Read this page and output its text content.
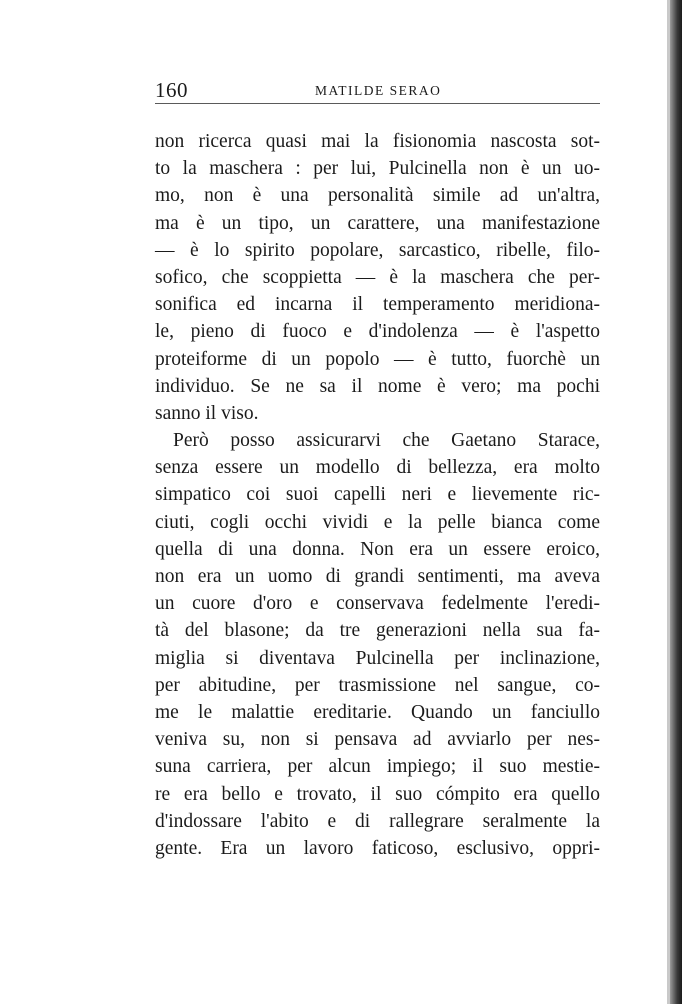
160	MATILDE SERAO
non ricerca quasi mai la fisionomia nascosta sot-
to la maschera : per lui, Pulcinella non è un uo-
mo, non è una personalità simile ad un'altra,
ma è un tipo, un carattere, una manifestazione
— è lo spirito popolare, sarcastico, ribelle, filo-
sofico, che scoppietta — è la maschera che per-
sonifica ed incarna il temperamento meridiona-
le, pieno di fuoco e d'indolenza — è l'aspetto
proteiforme di un popolo — è tutto, fuorchè un
individuo. Se ne sa il nome è vero; ma pochi
sanno il viso.
Però posso assicurarvi che Gaetano Starace,
senza essere un modello di bellezza, era molto
simpatico coi suoi capelli neri e lievemente ric-
ciuti, cogli occhi vividi e la pelle bianca come
quella di una donna. Non era un essere eroico,
non era un uomo di grandi sentimenti, ma aveva
un cuore d'oro e conservava fedelmente l'eredi-
tà del blasone; da tre generazioni nella sua fa-
miglia si diventava Pulcinella per inclinazione,
per abitudine, per trasmissione nel sangue, co-
me le malattie ereditarie. Quando un fanciullo
veniva su, non si pensava ad avviarlo per nes-
suna carriera, per alcun impiego; il suo mestie-
re era bello e trovato, il suo cómpito era quello
d'indossare l'abito e di rallegrare seralmente la
gente. Era un lavoro faticoso, esclusivo, oppri-
